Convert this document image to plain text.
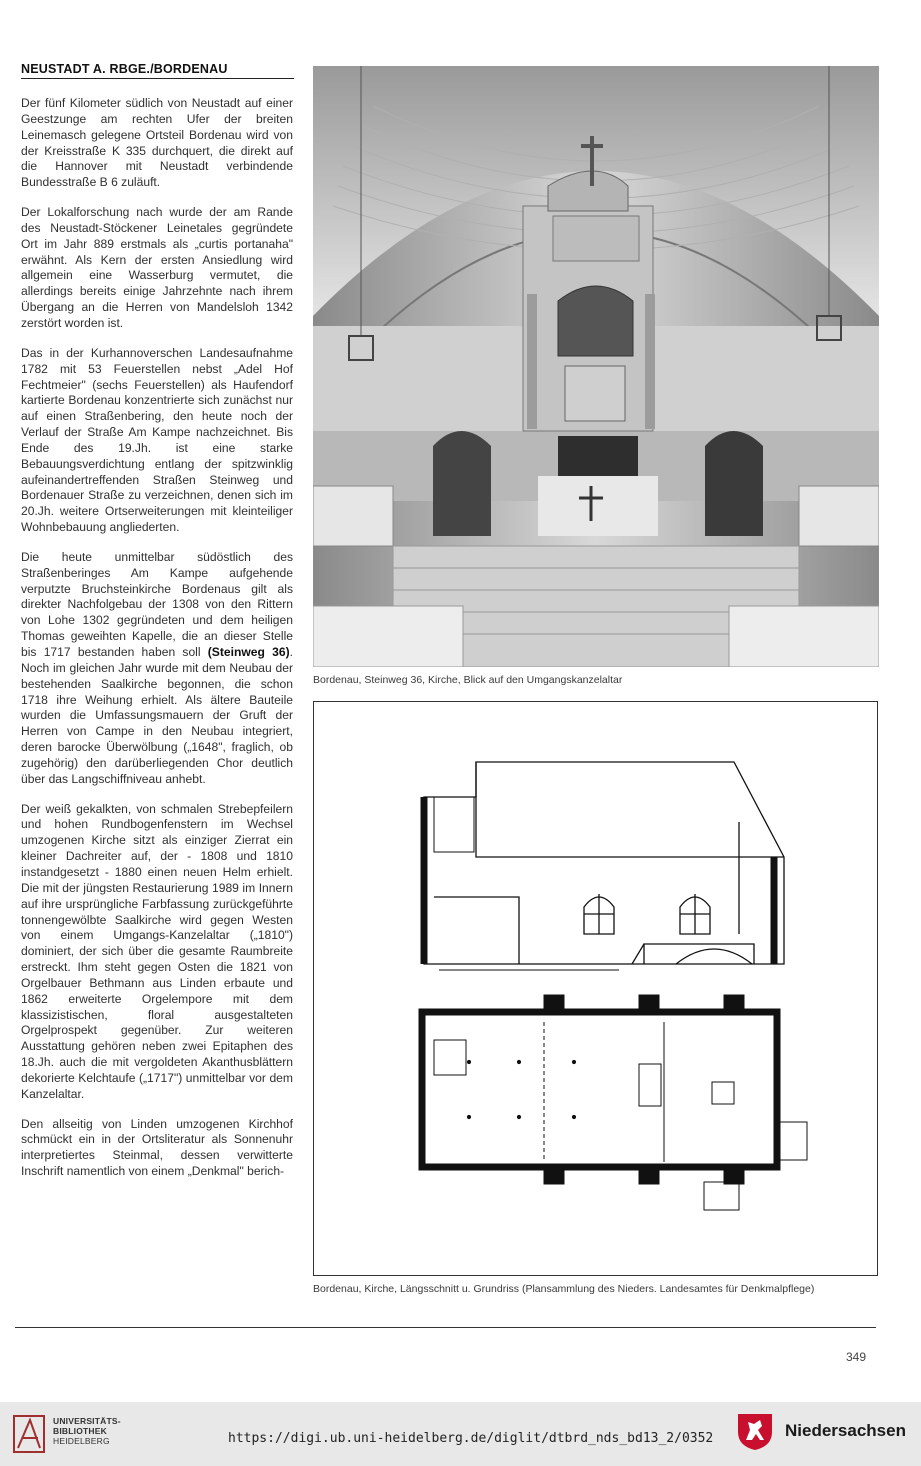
NEUSTADT A. RBGE./BORDENAU

Der fünf Kilometer südlich von Neustadt auf einer Geestzunge am rechten Ufer der breiten Leinemasch gelegene Ortsteil Bordenau wird von der Kreisstraße K 335 durchquert, die direkt auf die Hannover mit Neustadt verbindende Bundesstraße B 6 zuläuft.

Der Lokalforschung nach wurde der am Rande des Neustadt-Stöckener Leinetales gegründete Ort im Jahr 889 erstmals als „curtis portanaha" erwähnt. Als Kern der ersten Ansiedlung wird allgemein eine Wasserburg vermutet, die allerdings bereits einige Jahrzehnte nach ihrem Übergang an die Herren von Mandelsloh 1342 zerstört worden ist.

Das in der Kurhannoverschen Landesaufnahme 1782 mit 53 Feuerstellen nebst „Adel Hof Fechtmeier" (sechs Feuerstellen) als Haufendorf kartierte Bordenau konzentrierte sich zunächst nur auf einen Straßenbering, den heute noch der Verlauf der Straße Am Kampe nachzeichnet. Bis Ende des 19.Jh. ist eine starke Bebauungsverdichtung entlang der spitzwinklig aufeinandertreffenden Straßen Steinweg und Bordenauer Straße zu verzeichnen, denen sich im 20.Jh. weitere Ortserweiterungen mit kleinteiliger Wohnbebauung angliederten.

Die heute unmittelbar südöstlich des Straßenberinges Am Kampe aufgehende verputzte Bruchsteinkirche Bordenaus gilt als direkter Nachfolgebau der 1308 von den Rittern von Lohe 1302 gegründeten und dem heiligen Thomas geweihten Kapelle, die an dieser Stelle bis 1717 bestanden haben soll (Steinweg 36). Noch im gleichen Jahr wurde mit dem Neubau der bestehenden Saalkirche begonnen, die schon 1718 ihre Weihung erhielt. Als ältere Bauteile wurden die Umfassungsmauern der Gruft der Herren von Campe in den Neubau integriert, deren barocke Überwölbung („1648", fraglich, ob zugehörig) den darüberliegenden Chor deutlich über das Langschiffniveau anhebt.

Der weiß gekalkten, von schmalen Strebepfeilern und hohen Rundbogenfenstern im Wechsel umzogenen Kirche sitzt als einziger Zierrat ein kleiner Dachreiter auf, der - 1808 und 1810 instandgesetzt - 1880 einen neuen Helm erhielt. Die mit der jüngsten Restaurierung 1989 im Innern auf ihre ursprüngliche Farbfassung zurückgeführte tonnengewölbte Saalkirche wird gegen Westen von einem Umgangs-Kanzelaltar („1810") dominiert, der sich über die gesamte Raumbreite erstreckt. Ihm steht gegen Osten die 1821 von Orgelbauer Bethmann aus Linden erbaute und 1862 erweiterte Orgelempore mit dem klassizistischen, floral ausgestalteten Orgelprospekt gegenüber. Zur weiteren Ausstattung gehören neben zwei Epitaphen des 18.Jh. auch die mit vergoldeten Akanthusblättern dekorierte Kelchtaufe („1717") unmittelbar vor dem Kanzelaltar.

Den allseitig von Linden umzogenen Kirchhof schmückt ein in der Ortsliteratur als Sonnenuhr interpretiertes Steinmal, dessen verwitterte Inschrift namentlich von einem „Denkmal" berich-

Bordenau, Steinweg 36, Kirche, Blick auf den Umgangskanzelaltar
Bordenau, Kirche, Längsschnitt u. Grundriss (Plansammlung des Nieders. Landesamtes für Denkmalpflege)
349
UNIVERSITÄTS-
BIBLIOTHEK
HEIDELBERG	https://digi.ub.uni-heidelberg.de/diglit/dtbrd_nds_bd13_2/0352	Niedersachsen
